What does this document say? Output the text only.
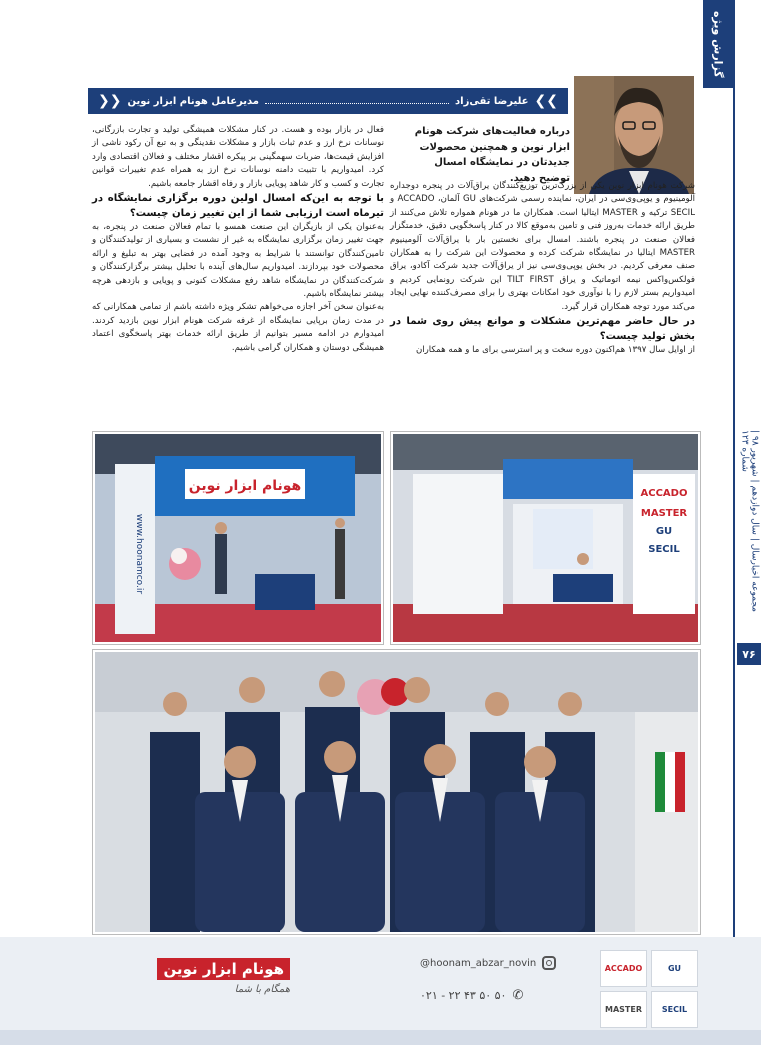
گزارش ویژه
مجموعه اخبارسال | سال دوازدهم | شهریور ۹۸ | شماره ۱۲۳
۷۶
❯❯
علیرضا تقی‌زاد
مدیرعامل هونام ابزار نوین
❮❮
درباره فعالیت‌های شرکت هونام ابزار نوین و همچنین محصولات جدیدتان در نمایشگاه امسال توضیح دهید.

شرکت هونام ابزار نوین یکی از بزرگ‌ترین توزیع‌کنندگان یراق‌آلات در پنجره دوجداره آلومینیوم و یوپی‌وی‌سی در ایران، نماینده رسمی شرکت‌های GU آلمان، ACCADO و SECIL ترکیه و MASTER ایتالیا است. همکاران ما در هونام همواره تلاش می‌کنند از طریق ارائه خدمات به‌روز فنی و تامین به‌موقع کالا در کنار پاسخگویی دقیق، خدمتگزار فعالان صنعت در پنجره باشند. امسال برای نخستین بار با یراق‌آلات آلومینیوم MASTER ایتالیا در نمایشگاه شرکت کرده و محصولات این شرکت را به همکاران صنف معرفی کردیم. در بخش یوپی‌وی‌سی نیز از یراق‌آلات جدید شرکت آکادو، یراق فولکس‌واکس نیمه اتوماتیک و یراق TILT FIRST این شرکت رونمایی کردیم و امیدواریم بستر لازم را با نوآوری خود امکانات بهتری را برای مصرف‌کننده نهایی ایجاد می‌کند مورد توجه همکاران قرار گیرد.

در حال حاضر مهم‌ترین مشکلات و موانع پیش روی شما در بخش تولید چیست؟

از اوایل سال ۱۳۹۷ هم‌اکنون دوره سخت و پر استرسی برای ما و همه همکاران

فعال در بازار بوده و هست. در کنار مشکلات همیشگی تولید و تجارت بازرگانی، نوسانات نرخ ارز و عدم ثبات بازار و مشکلات نقدینگی و به تبع آن رکود ناشی از افزایش قیمت‌ها، ضربات سهمگینی بر پیکره اقشار مختلف و فعالان اقتصادی وارد کرد. امیدواریم با تثبیت دامنه نوسانات نرخ ارز به همراه عدم تغییرات قوانین تجارت و کسب و کار شاهد پویایی بازار و رفاه اقشار جامعه باشیم.

با توجه به این‌که امسال اولین دوره برگزاری نمایشگاه در تیرماه است ارزیابی شما از این تغییر زمان چیست؟

به‌عنوان یکی از بازیگران این صنعت همسو با تمام فعالان صنعت در پنجره، به جهت تغییر زمان برگزاری نمایشگاه به غیر از نشست و بسیاری از تولیدکنندگان و تامین‌کنندگان توانستند با شرایط به وجود آمده در فضایی بهتر به تبلیغ و ارائه محصولات خود بپردازند. امیدواریم سال‌های آینده با تحلیل بیشتر برگزارکنندگان و شرکت‌کنندگان در نمایشگاه شاهد رفع مشکلات کنونی و پویایی و بازدهی هرچه بیشتر نمایشگاه باشیم.

به‌عنوان سخن آخر اجازه می‌خواهم تشکر ویژه داشته باشم از تمامی همکارانی که در مدت زمان برپایی نمایشگاه از غرفه شرکت هونام ابزار نوین بازدید کردند. امیدوارم در ادامه مسیر بتوانیم از طریق ارائه خدمات بهتر پاسخگوی اعتماد همیشگی دوستان و همکاران گرامی باشیم.

هونام ابزار نوین
www.hoonamco.ir
ACCADO
MASTER
GU
SECIL
هونام ابزار نوین
همگام با شما
@hoonam_abzar_novin
۰۲۱ - ۲۲ ۴۳ ۵۰ ۵۰ ✆
ACCADO	GU
MASTER	SECIL
